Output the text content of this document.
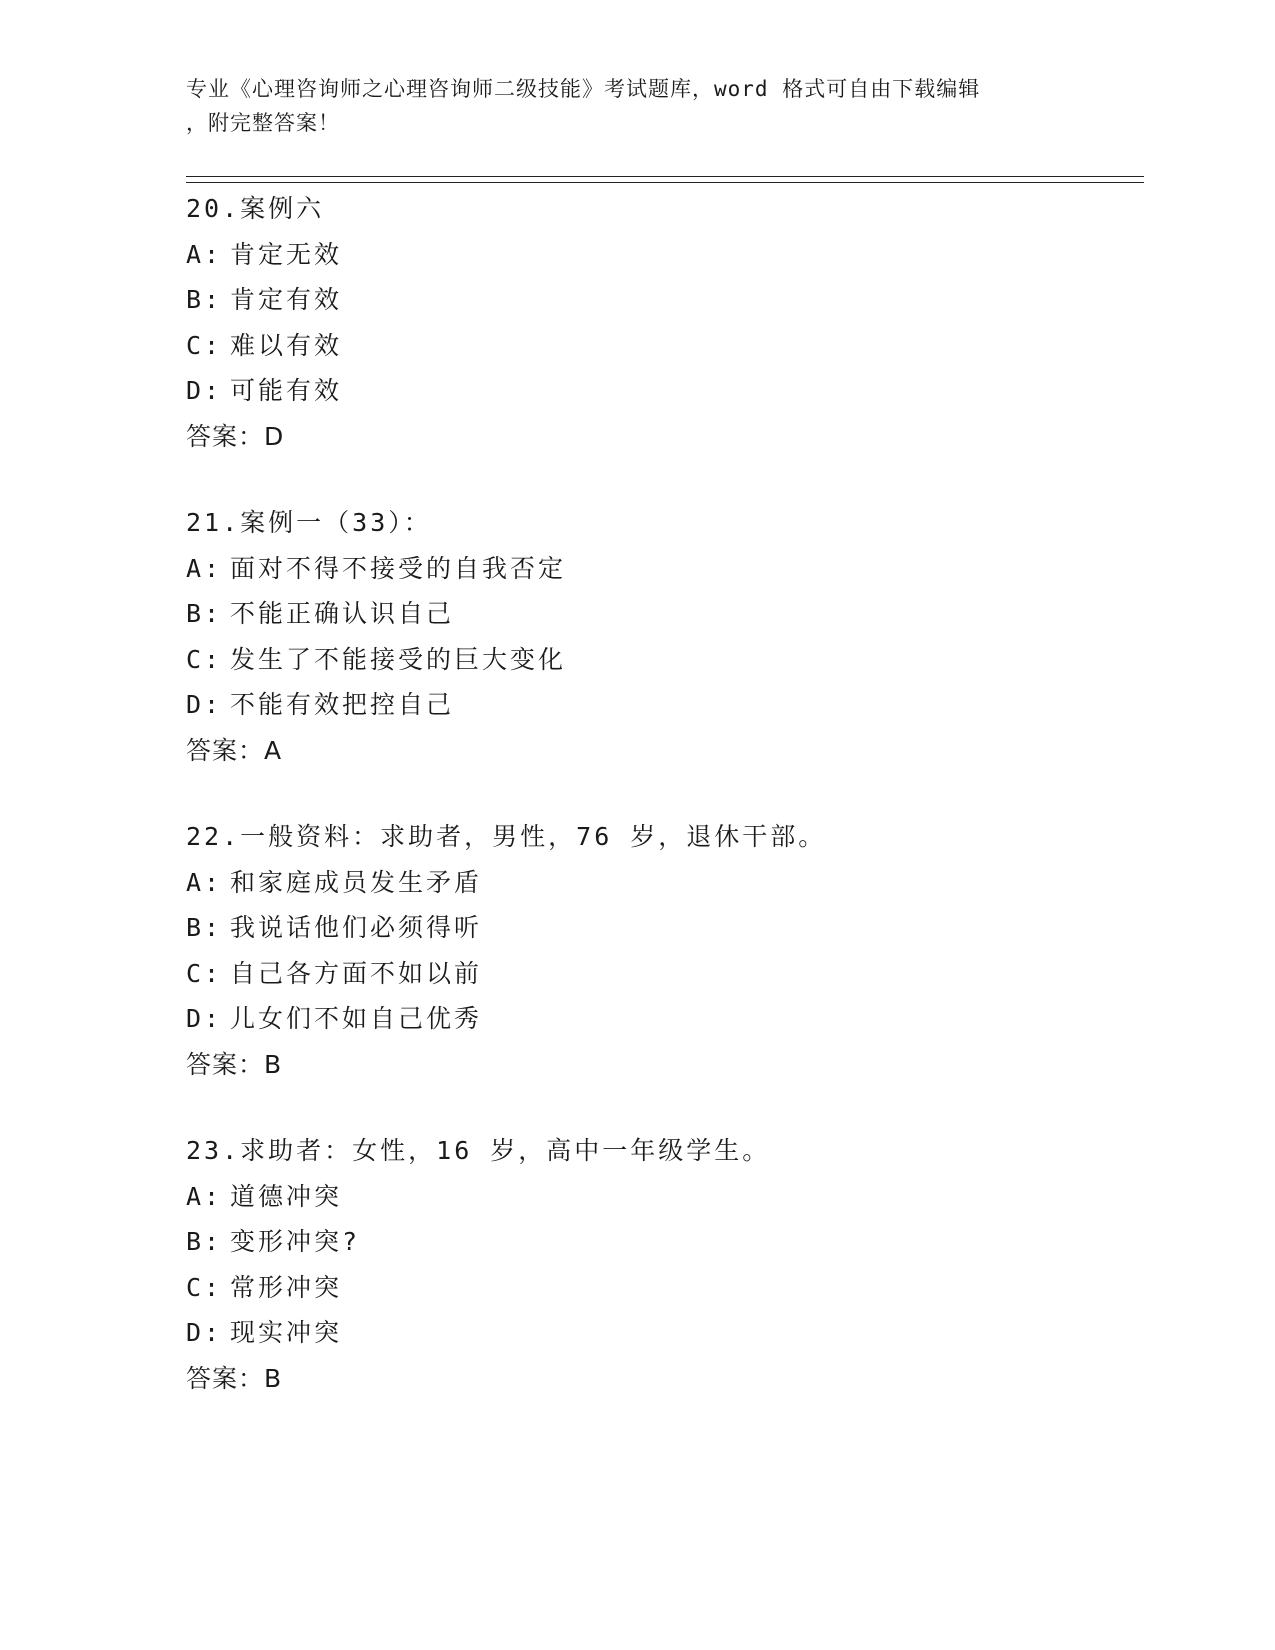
专业《心理咨询师之心理咨询师二级技能》考试题库，word 格式可自由下载编辑
，附完整答案！
20.案例六
A: 肯定无效
B: 肯定有效
C: 难以有效
D: 可能有效
答案：D
21.案例一（33）：
A: 面对不得不接受的自我否定
B: 不能正确认识自己
C: 发生了不能接受的巨大变化
D: 不能有效把控自己
答案：A
22.一般资料：求助者，男性，76 岁，退休干部。
A: 和家庭成员发生矛盾
B: 我说话他们必须得听
C: 自己各方面不如以前
D: 儿女们不如自己优秀
答案：B
23.求助者：女性，16 岁，高中一年级学生。
A: 道德冲突
B: 变形冲突?
C: 常形冲突
D: 现实冲突
答案：B
